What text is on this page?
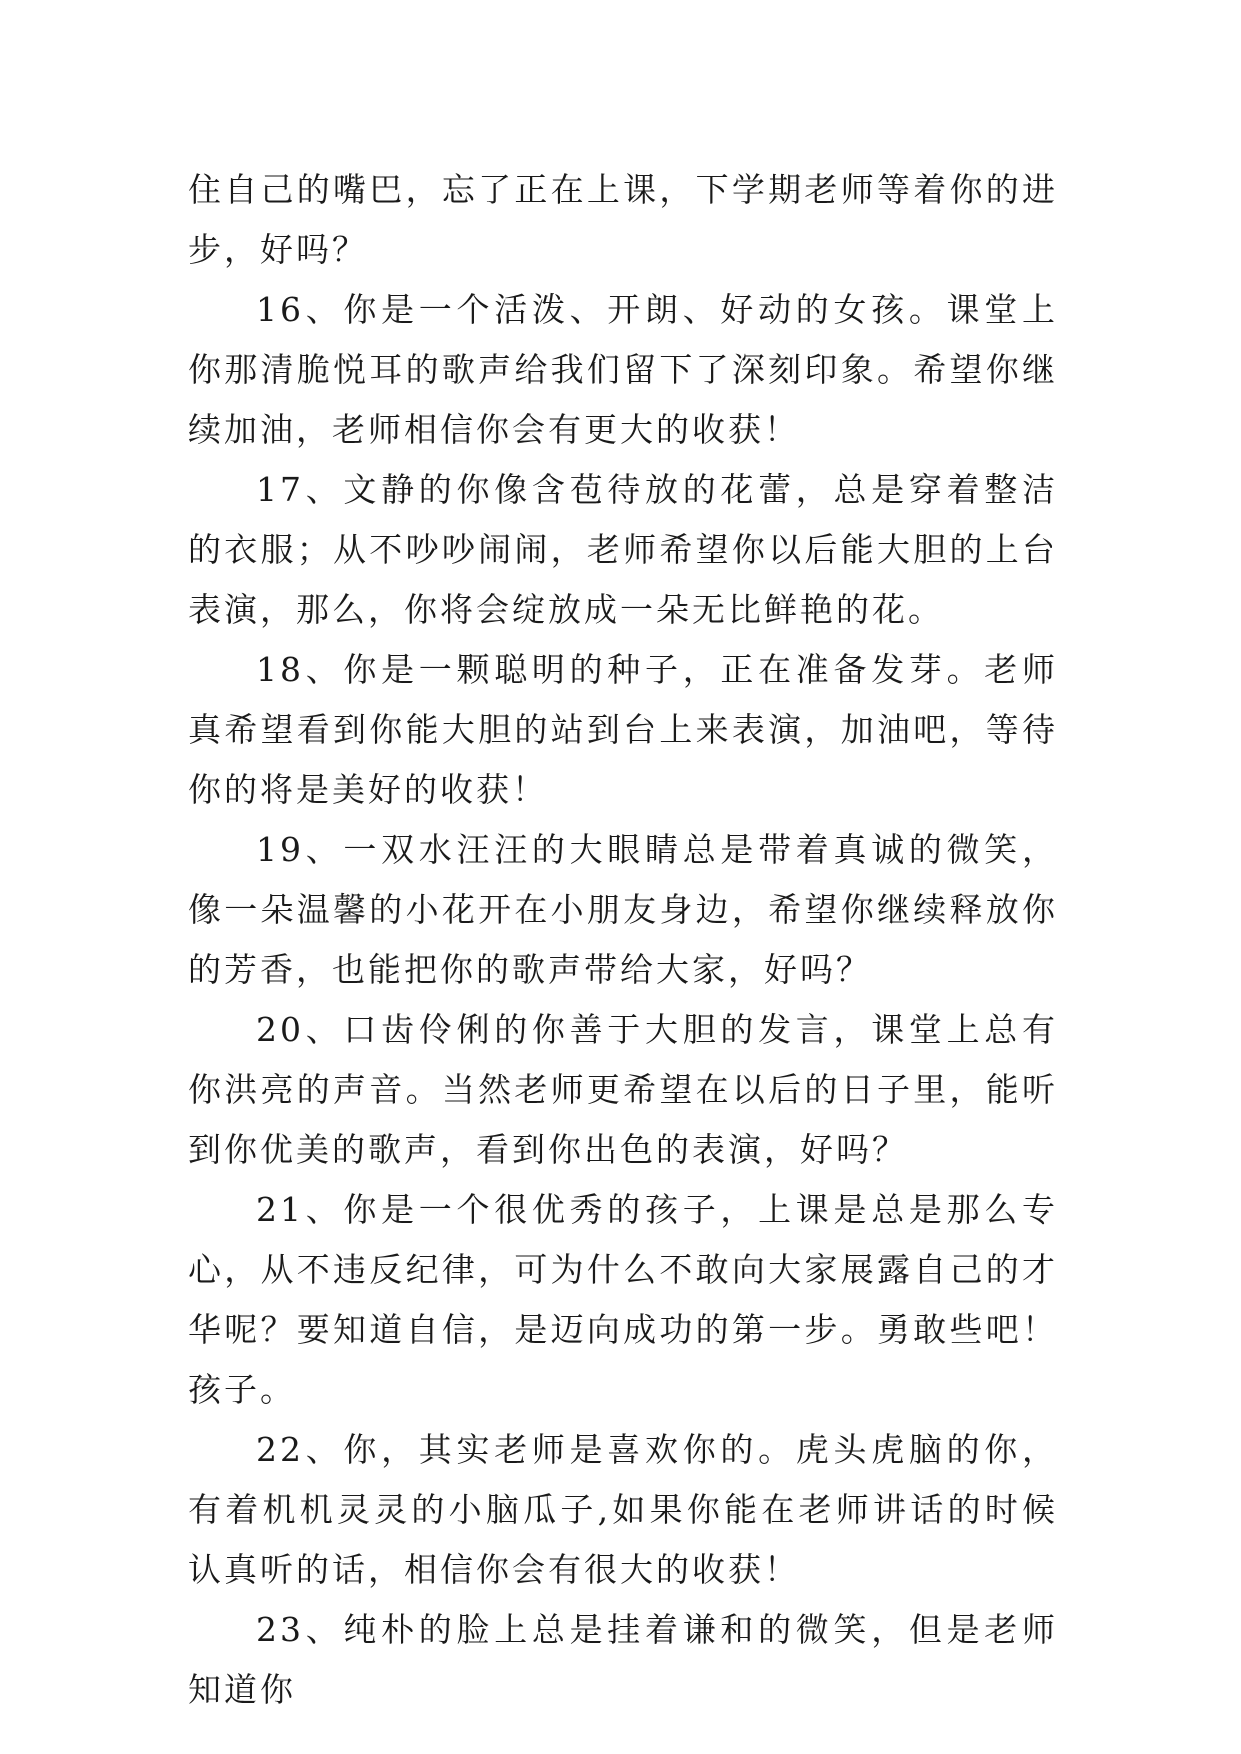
住自己的嘴巴，忘了正在上课，下学期老师等着你的进步，好吗？

16、你是一个活泼、开朗、好动的女孩。课堂上你那清脆悦耳的歌声给我们留下了深刻印象。希望你继续加油，老师相信你会有更大的收获！

17、文静的你像含苞待放的花蕾，总是穿着整洁的衣服；从不吵吵闹闹，老师希望你以后能大胆的上台表演，那么，你将会绽放成一朵无比鲜艳的花。

18、你是一颗聪明的种子，正在准备发芽。老师真希望看到你能大胆的站到台上来表演，加油吧，等待你的将是美好的收获！

19、一双水汪汪的大眼睛总是带着真诚的微笑，像一朵温馨的小花开在小朋友身边，希望你继续释放你的芳香，也能把你的歌声带给大家，好吗？

20、口齿伶俐的你善于大胆的发言，课堂上总有你洪亮的声音。当然老师更希望在以后的日子里，能听到你优美的歌声，看到你出色的表演，好吗？

21、你是一个很优秀的孩子，上课是总是那么专心，从不违反纪律，可为什么不敢向大家展露自己的才华呢？要知道自信，是迈向成功的第一步。勇敢些吧！孩子。

22、你，其实老师是喜欢你的。虎头虎脑的你，有着机机灵灵的小脑瓜子,如果你能在老师讲话的时候认真听的话，相信你会有很大的收获！

23、纯朴的脸上总是挂着谦和的微笑，但是老师知道你
